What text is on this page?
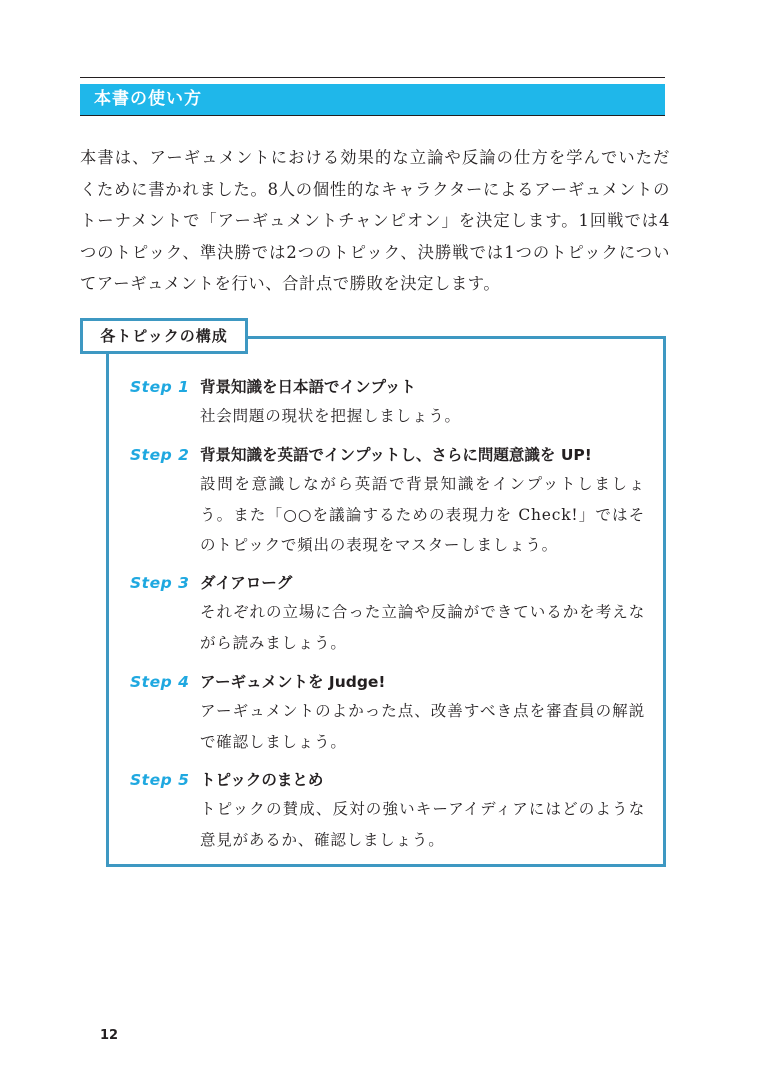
本書の使い方

本書は、アーギュメントにおける効果的な立論や反論の仕方を学んでいただくために書かれました。8人の個性的なキャラクターによるアーギュメントのトーナメントで「アーギュメントチャンピオン」を決定します。1回戦では4つのトピック、準決勝では2つのトピック、決勝戦では1つのトピックについてアーギュメントを行い、合計点で勝敗を決定します。

各トピックの構成
Step 1 背景知識を日本語でインプット

社会問題の現状を把握しましょう。

Step 2 背景知識を英語でインプットし、さらに問題意識を UP!

設問を意識しながら英語で背景知識をインプットしましょう。また「○○を議論するための表現力を Check!」ではそのトピックで頻出の表現をマスターしましょう。

Step 3 ダイアローグ

それぞれの立場に合った立論や反論ができているかを考えながら読みましょう。

Step 4 アーギュメントを Judge!

アーギュメントのよかった点、改善すべき点を審査員の解説で確認しましょう。

Step 5 トピックのまとめ

トピックの賛成、反対の強いキーアイディアにはどのような意見があるか、確認しましょう。

12
